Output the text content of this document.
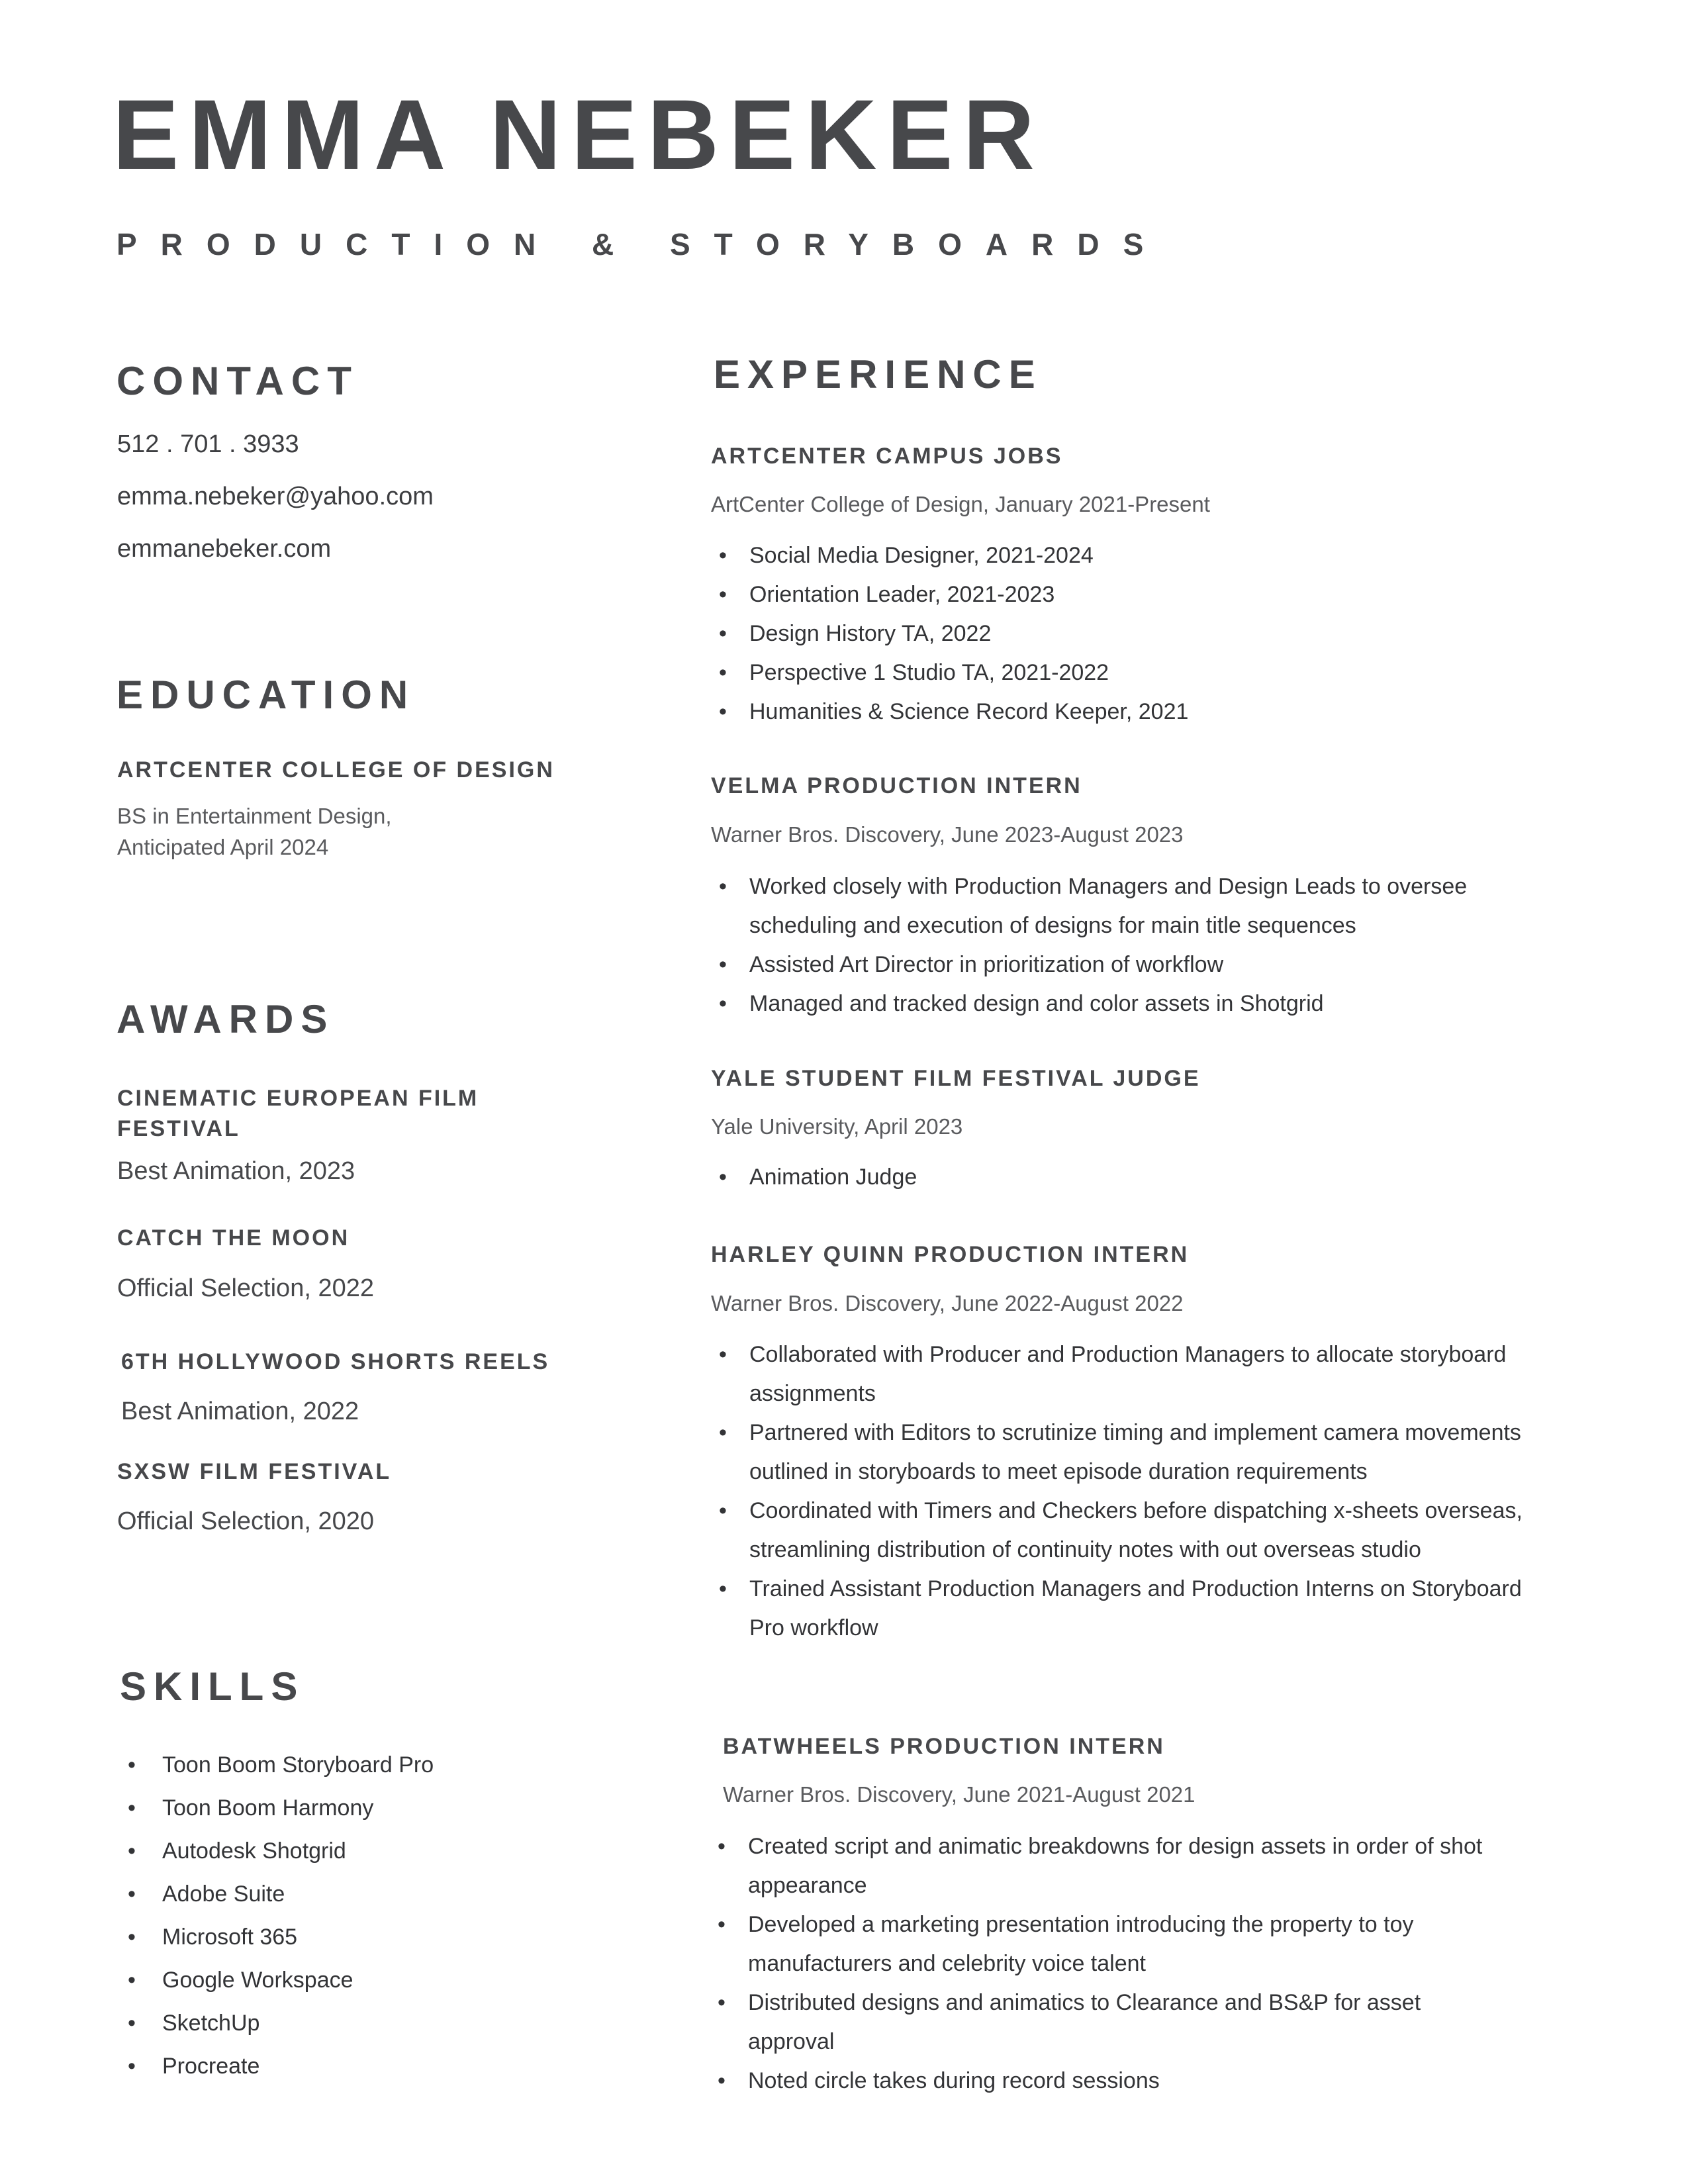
EMMA NEBEKER
PRODUCTION & STORYBOARDS
CONTACT
512 . 701 . 3933
emma.nebeker@yahoo.com
emmanebeker.com
EDUCATION
ARTCENTER COLLEGE OF DESIGN
BS in Entertainment Design,
Anticipated April 2024
AWARDS
CINEMATIC EUROPEAN FILM FESTIVAL
Best Animation, 2023
CATCH THE MOON
Official Selection, 2022
6TH HOLLYWOOD SHORTS REELS
Best Animation, 2022
SXSW FILM FESTIVAL
Official Selection, 2020
SKILLS
• Toon Boom Storyboard Pro
• Toon Boom Harmony
• Autodesk Shotgrid
• Adobe Suite
• Microsoft 365
• Google Workspace
• SketchUp
• Procreate
EXPERIENCE
ARTCENTER CAMPUS JOBS
ArtCenter College of Design, January 2021-Present
• Social Media Designer, 2021-2024
• Orientation Leader, 2021-2023
• Design History TA, 2022
• Perspective 1 Studio TA, 2021-2022
• Humanities & Science Record Keeper, 2021
VELMA PRODUCTION INTERN
Warner Bros. Discovery, June 2023-August 2023
• Worked closely with Production Managers and Design Leads to oversee scheduling and execution of designs for main title sequences
• Assisted Art Director in prioritization of workflow
• Managed and tracked design and color assets in Shotgrid
YALE STUDENT FILM FESTIVAL JUDGE
Yale University, April 2023
• Animation Judge
HARLEY QUINN PRODUCTION INTERN
Warner Bros. Discovery, June 2022-August 2022
• Collaborated with Producer and Production Managers to allocate storyboard assignments
• Partnered with Editors to scrutinize timing and implement camera movements outlined in storyboards to meet episode duration requirements
• Coordinated with Timers and Checkers before dispatching x-sheets overseas, streamlining distribution of continuity notes with out overseas studio
• Trained Assistant Production Managers and Production Interns on Storyboard Pro workflow
BATWHEELS PRODUCTION INTERN
Warner Bros. Discovery, June 2021-August 2021
• Created script and animatic breakdowns for design assets in order of shot appearance
• Developed a marketing presentation introducing the property to toy manufacturers and celebrity voice talent
• Distributed designs and animatics to Clearance and BS&P for asset approval
• Noted circle takes during record sessions
